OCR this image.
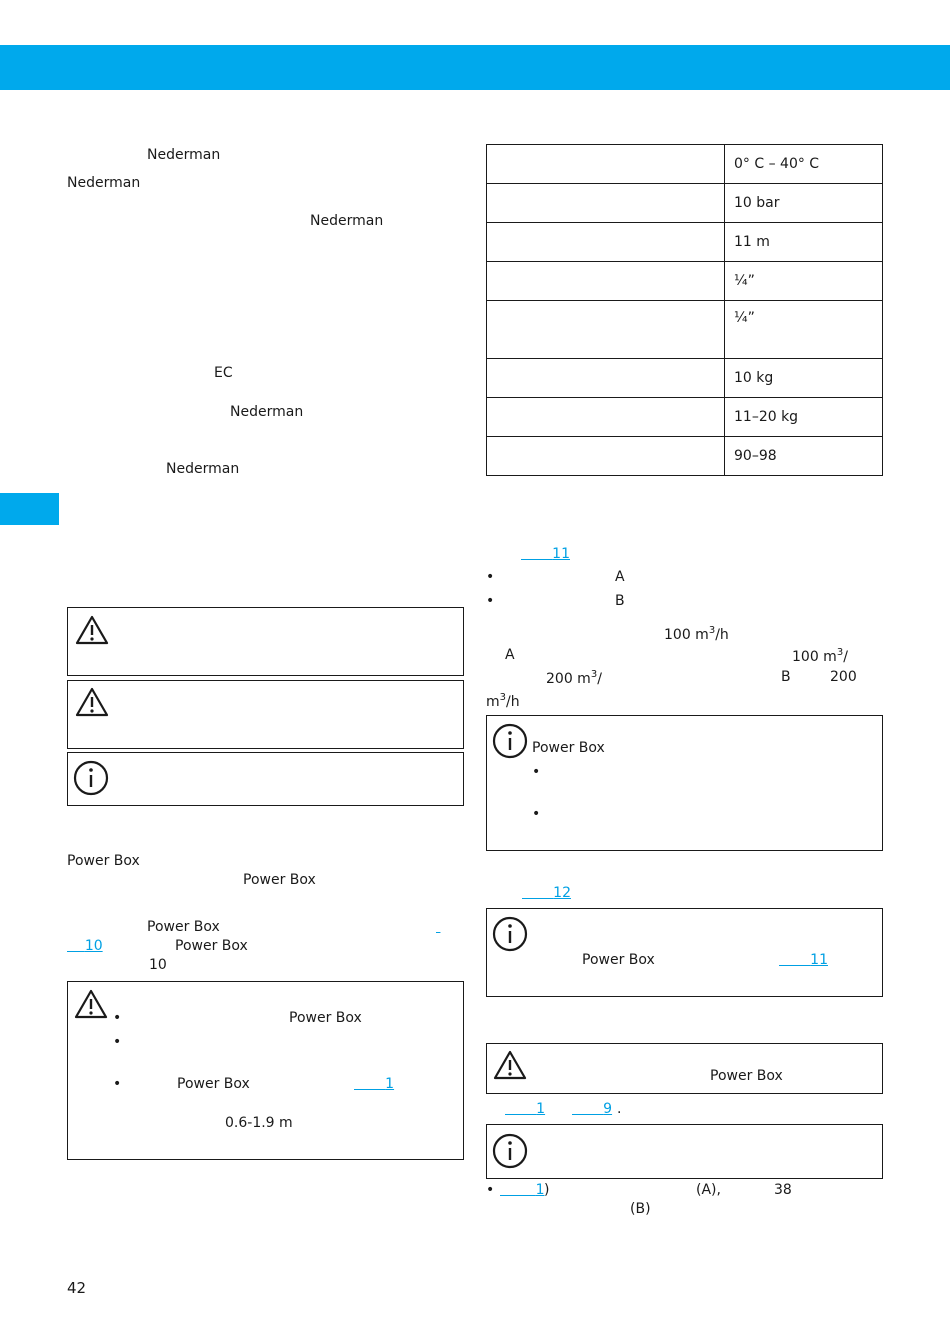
Nederman
Nederman
Nederman
EC
Nederman
Nederman
Power Box
Power Box
Power Box

10	Power Box
10
•
Power Box
•
•
Power Box	1
0.6-1.9 m
	0° C – 40° C
	10 bar
	11 m
	¼”
	¼”
	10 kg
	11–20 kg
	90–98
11
•
A
•
B
100 $m^3/h$
A	100 $m^3/$
200 $m^3/$	B	200
$m^3/h$
Power Box
•
•
12
Power Box	11
Power Box
1	9 .
•
1 )	(A),	38
(B)
42
